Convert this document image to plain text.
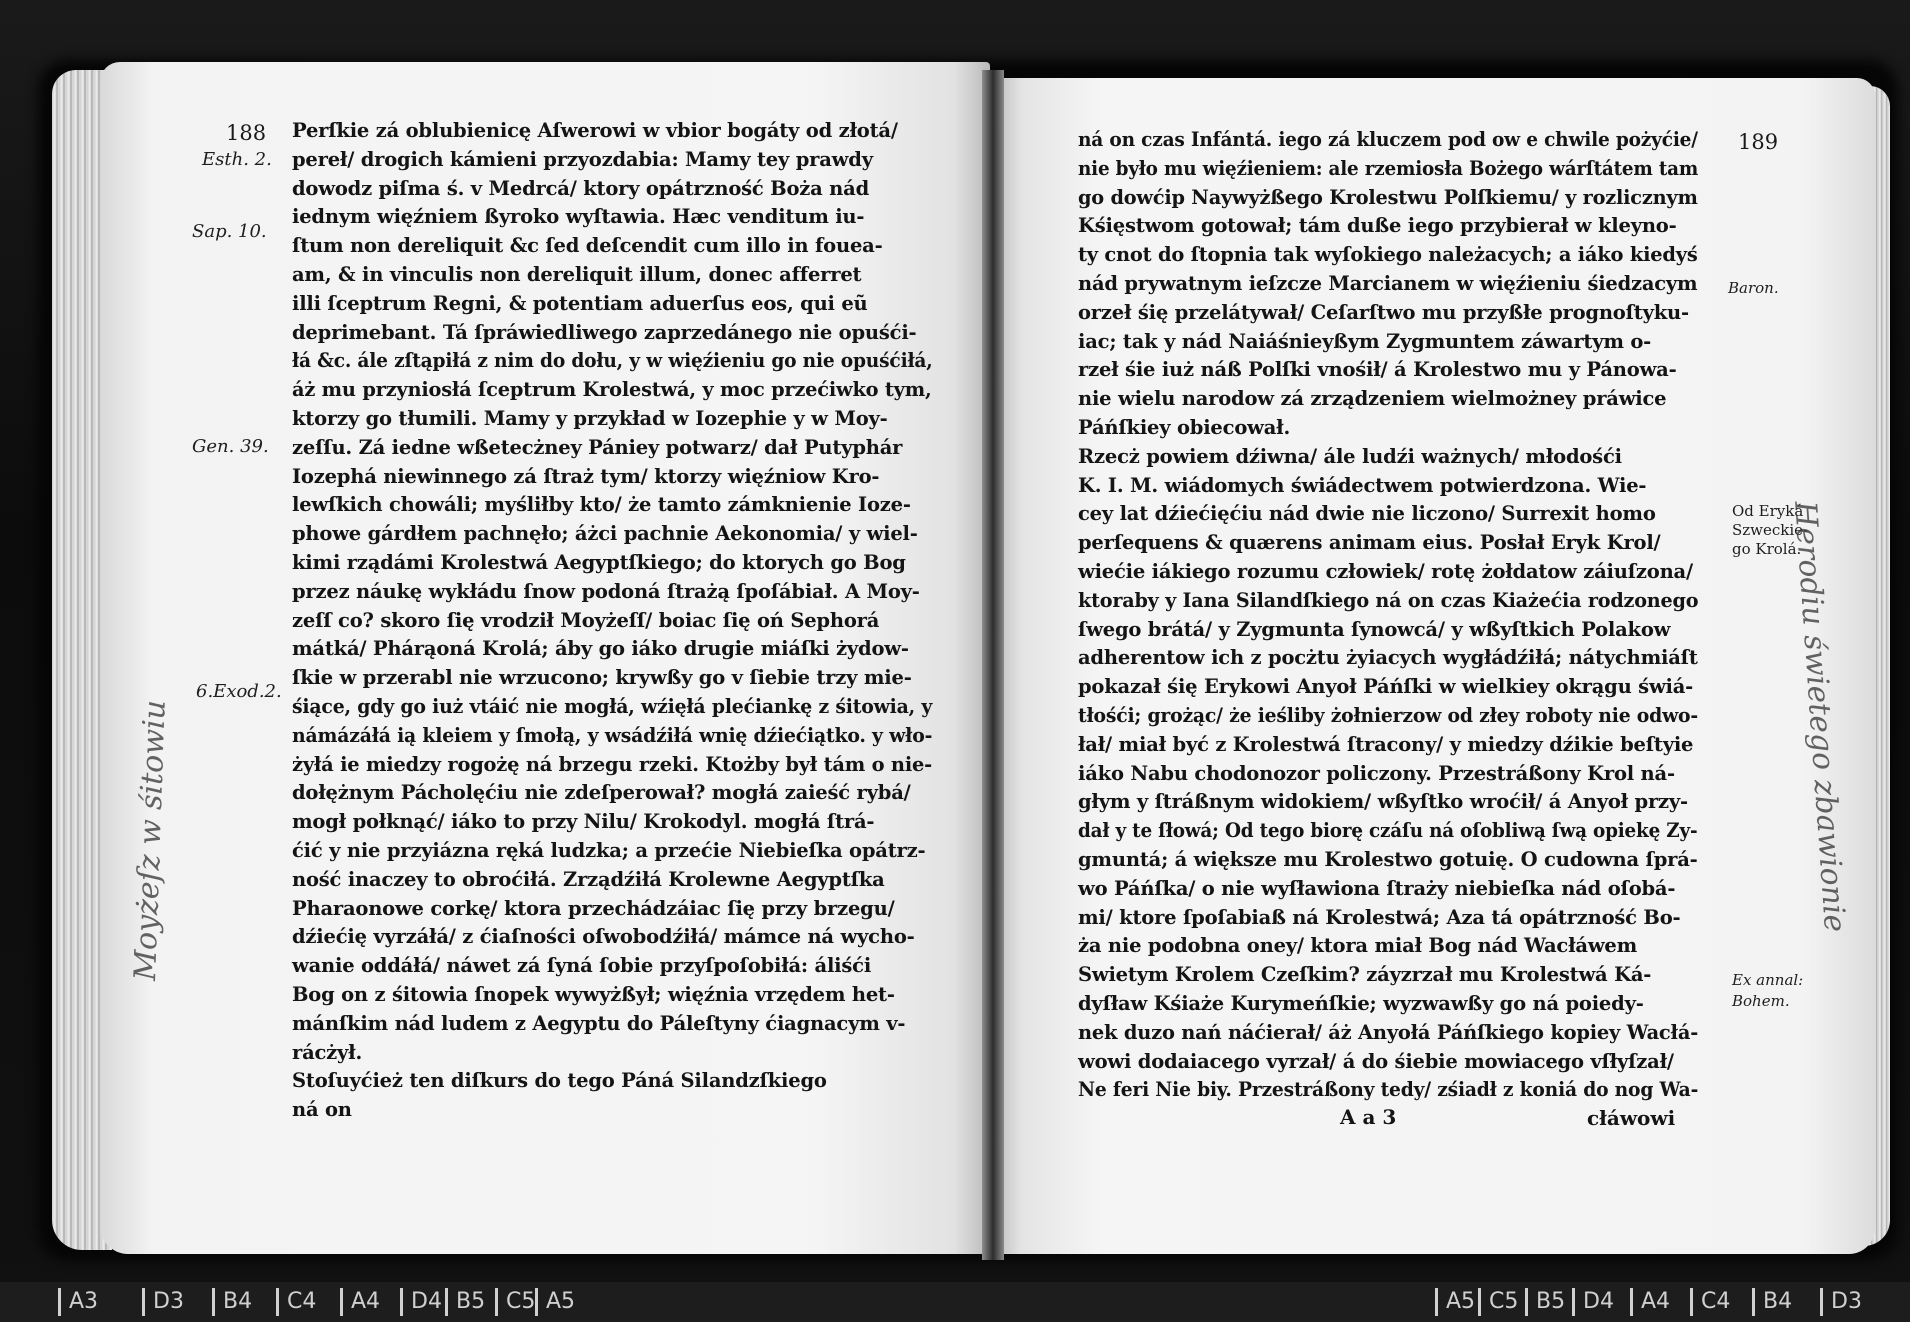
188
Esth. 2.
Sap. 10.
Gen. 39.
6.Exod.2.
Perſkie zá oblubienicę Aſwerowi w vbior bogáty od złotá/
pereł/ drogich kámieni przyozdabia: Mamy tey prawdy
dowodz piſma ś. v Medrcá/ ktory opátrzność Boża nád
iednym więźniem ßyroko wyſtawia. Hæc venditum iu-
ſtum non dereliquit &c ſed deſcendit cum illo in fouea-
am, & in vinculis non dereliquit illum, donec afferret
illi ſceptrum Regni, & potentiam aduerſus eos, qui eũ
deprimebant. Tá ſpráwiedliwego zaprzedánego nie opuśći-
łá &c. ále zſtąpiłá z nim do dołu, y w więźieniu go nie opuśćiłá,
áż mu przyniosłá ſceptrum Krolestwá, y moc przećiwko tym,
ktorzy go tłumili. Mamy y przykład w Iozephie y w Moy-
zeſſu. Zá iedne wßetecżney Pániey potwarz/ dał Putyphár
Iozephá niewinnego zá ſtraż tym/ ktorzy więźniow Kro-
lewſkich chowáli; myśliłby kto/ że tamto zámknienie Ioze-
phowe gárdłem pachnęło; áżci pachnie Aekonomia/ y wiel-
kimi rządámi Krolestwá Aegyptſkiego; do ktorych go Bog
przez náukę wykłádu ſnow podoná ſtrażą ſpoſábiał. A Moy-
zeſſ co? skoro ſię vrodził Moyżeſſ/ boiac ſię oń Sephorá
mátká/ Phárąoná Krolá; áby go iáko drugie miáſki żydow-
ſkie w przerabl nie wrzucono; krywßy go v ſiebie trzy mie-
śiące, gdy go iuż vtáić nie mogłá, wźięłá plećiankę z śitowia, y
námázáłá ią kleiem y ſmołą, y wsádźiłá wnię dźiećiątko. y wło-
żyłá ie miedzy rogożę ná brzegu rzeki. Ktożby był tám o nie-
dołężnym Pácholęćiu nie zdeſperował? mogłá zaieść rybá/
mogł połknąć/ iáko to przy Nilu/ Krokodyl. mogłá ſtrá-
ćić y nie przyiázna ręká ludzka; a przećie Niebieſka opátrz-
ność inaczey to obroćiłá. Zrządźiłá Krolewne Aegyptſka
Pharaonowe corkę/ ktora przechádzáiac ſię przy brzegu/
dźiećię vyrzáłá/ z ćiaſności oſwobodźiłá/ mámce ná wycho-
wanie oddáłá/ náwet zá ſyná ſobie przyſpoſobiłá: áliśći
Bog on z śitowia ſnopek wywyżßył; więźnia vrzędem het-
mánſkim nád ludem z Aegyptu do Páleſtyny ćiagnacym v-
rácżył.
Stoſuyćież ten diſkurs do tego Páná Silandzſkiego
ná on
189
Baron.
Od Eryká
Szweckie-
go Krolá.
Ex annal:
Bohem.
ná on czas Infántá. iego zá kluczem pod ow e chwile pożyćie/
nie było mu więźieniem: ale rzemiosła Bożego wárſtátem tam
go dowćip Naywyżßego Krolestwu Polſkiemu/ y rozlicznym
Kśięstwom gotował; tám duße iego przybierał w kleyno-
ty cnot do ſtopnia tak wyſokiego należacych; a iáko kiedyś
nád prywatnym ieſzcze Marcianem w więźieniu śiedzacym
orzeł śię przelátywał/ Ceſarſtwo mu przyßłe prognoſtyku-
iac; tak y nád Naiáśnieyßym Zygmuntem záwartym o-
rzeł śie iuż náß Polſki vnośił/ á Krolestwo mu y Pánowa-
nie wielu narodow zá zrządzeniem wielmożney práwice
Páńſkiey obiecował.
Rzecż powiem dźiwna/ ále ludźi ważnych/ młodośći
K. I. M. wiádomych świádectwem potwierdzona. Wie-
cey lat dźiećięćiu nád dwie nie liczono/ Surrexit homo
perſequens & quærens animam eius. Posłał Eryk Krol/
wiećie iákiego rozumu człowiek/ rotę żołdatow záiuſzona/
ktoraby y Iana Silandſkiego ná on czas Kiażećia rodzonego
ſwego brátá/ y Zygmunta ſynowcá/ y wßyſtkich Polakow
adherentow ich z pocżtu żyiacych wygłádźiłá; nátychmiáſt
pokazał śię Erykowi Anyoł Páńſki w wielkiey okrągu świá-
tłośći; grożąc/ że ieśliby żołnierzow od złey roboty nie odwo-
łał/ miał być z Krolestwá ſtracony/ y miedzy dźikie beſtyie
iáko Nabu chodonozor policzony. Przestráßony Krol ná-
głym y ſtráßnym widokiem/ wßyſtko wroćił/ á Anyoł przy-
dał y te ſłowá; Od tego biorę czáſu ná oſobliwą ſwą opiekę Zy-
gmuntá; á większe mu Krolestwo gotuię. O cudowna ſprá-
wo Páńſka/ o nie wyſławiona ſtraży niebieſka nád oſobá-
mi/ ktore ſpoſabiaß ná Krolestwá; Aza tá opátrzność Bo-
ża nie podobna oney/ ktora miał Bog nád Wacłáwem
Swietym Krolem Czeſkim? záyzrzał mu Krolestwá Ká-
dyſław Kśiaże Kurymeńſkie; wyzwawßy go ná poiedy-
nek duzo nań náćierał/ áż Anyołá Páńſkiego kopiey Wacłá-
wowi dodaiacego vyrzał/ á do śiebie mowiacego vſłyſzał/
Ne feri Nie biy. Przestráßony tedy/ zśiadł z koniá do nog Wa-
A a 3	cłáwowi
Moyżeſz w śitowiu	Herodiu świetego zbawionie
A3	D3	B4	C4	A4	D4 B5 C5 A5	A5 C5 B5 D4	A4	C4	B4	D3
